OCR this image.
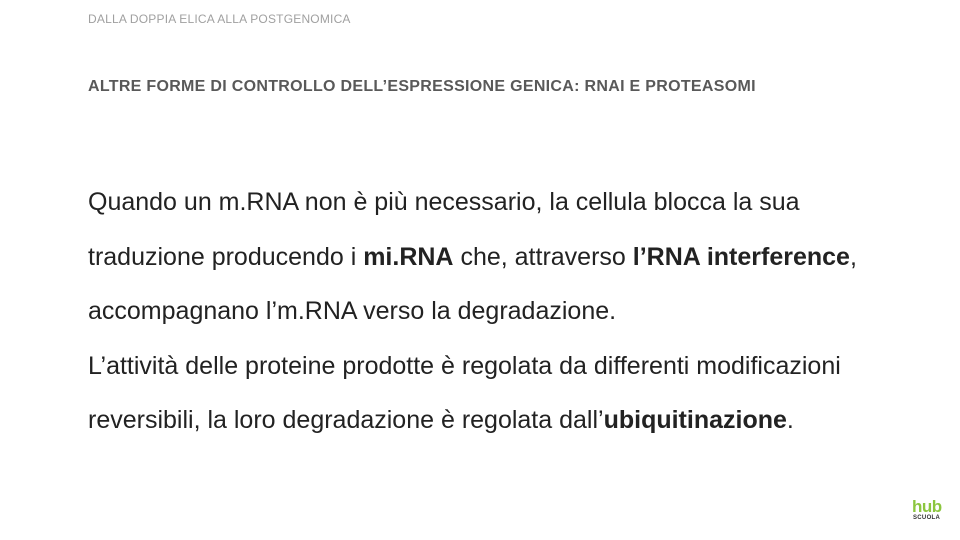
DALLA DOPPIA ELICA ALLA POSTGENOMICA
ALTRE FORME DI CONTROLLO DELL’ESPRESSIONE GENICA: RNAI E PROTEASOMI

Quando un m.RNA non è più necessario, la cellula blocca la sua traduzione producendo i mi.RNA che, attraverso l’RNA interference, accompagnano l’m.RNA verso la degradazione.

L’attività delle proteine prodotte è regolata da differenti modificazioni reversibili, la loro degradazione è regolata dall’ubiquitinazione.

hub
SCUOLA
